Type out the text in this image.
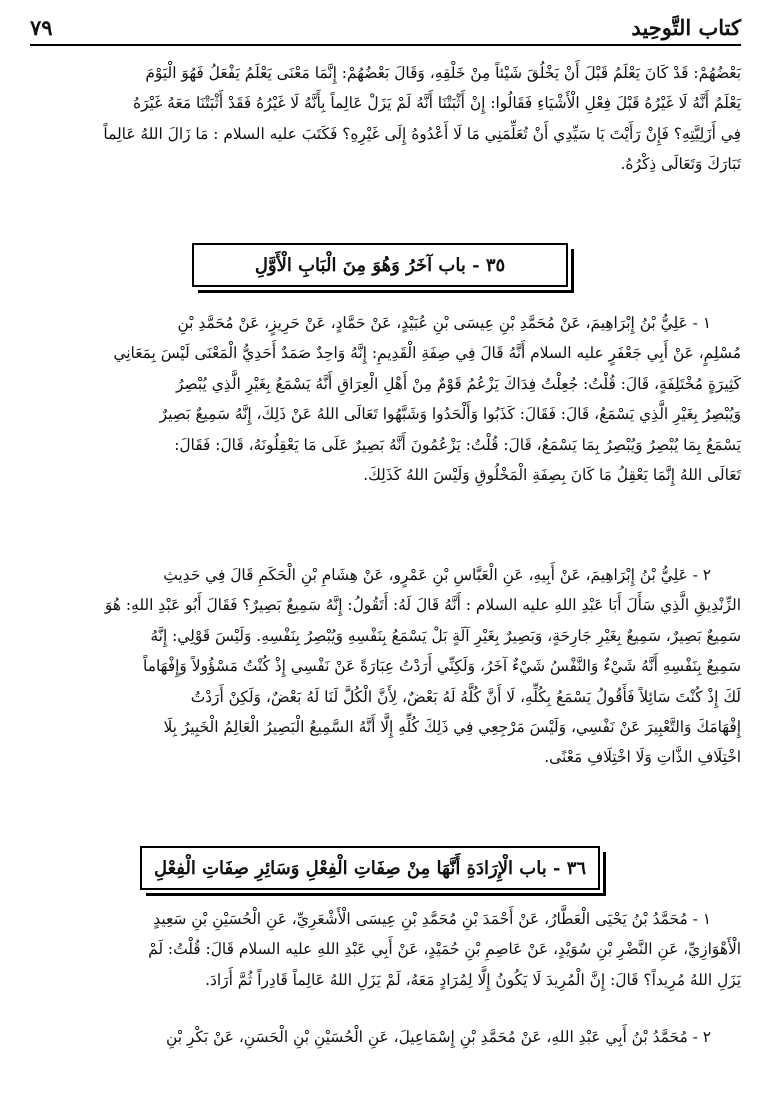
كتاب التَّوحِيد
٧٩
بَعْضُهُمْ: قَدْ كَانَ يَعْلَمُ قَبْلَ أَنْ يَخْلُقَ شَيْئاً مِنْ خَلْقِهِ، وَقَالَ بَعْضُهُمْ: إِنَّمَا مَعْنَى يَعْلَمُ يَفْعَلُ فَهُوَ الْيَوْمَ
يَعْلَمُ أَنَّهُ لَا غَيْرُهُ قَبْلَ فِعْلِ الْأَشْيَاءِ فَقَالُوا: إِنْ أَثْبَتْنَا أَنَّهُ لَمْ يَزَلْ عَالِماً بِأَنَّهُ لَا غَيْرُهُ فَقَدْ أَثْبَتْنَا مَعَهُ غَيْرَهُ
فِي أَزَلِيَّتِهِ؟ فَإِنْ رَأَيْتَ يَا سَيِّدِي أَنْ تُعَلِّمَنِي مَا لَا أَعْدُوهُ إِلَى غَيْرِهِ؟ فَكَتَبَ عليه السلام : مَا زَالَ اللهُ عَالِماً
تَبَارَكَ وَتَعَالَى ذِكْرُهُ.
٣٥ - باب آخَرُ وَهُوَ مِنَ الْبَابِ الْأَوَّلِ
١ - عَلِيُّ بْنُ إِبْرَاهِيمَ، عَنْ مُحَمَّدِ بْنِ عِيسَى بْنِ عُبَيْدٍ، عَنْ حَمَّادٍ، عَنْ حَرِيزٍ، عَنْ مُحَمَّدِ بْنِ
مُسْلِمٍ، عَنْ أَبِي جَعْفَرٍ عليه السلام أَنَّهُ قَالَ فِي صِفَةِ الْقَدِيمِ: إِنَّهُ وَاحِدٌ صَمَدٌ أَحَدِيُّ الْمَعْنَى لَيْسَ بِمَعَانِي
كَثِيرَةٍ مُخْتَلِفَةٍ، قَالَ: قُلْتُ: جُعِلْتُ فِدَاكَ يَزْعُمُ قَوْمٌ مِنْ أَهْلِ الْعِرَاقِ أَنَّهُ يَسْمَعُ بِغَيْرِ الَّذِي يُبْصِرُ
وَيُبْصِرُ بِغَيْرِ الَّذِي يَسْمَعُ، قَالَ: فَقَالَ: كَذَبُوا وَأَلْحَدُوا وَشَبَّهُوا تَعَالَى اللهُ عَنْ ذَلِكَ، إِنَّهُ سَمِيعٌ بَصِيرٌ
يَسْمَعُ بِمَا يُبْصِرُ وَيُبْصِرُ بِمَا يَسْمَعُ، قَالَ: قُلْتُ: يَزْعُمُونَ أَنَّهُ بَصِيرٌ عَلَى مَا يَعْقِلُونَهُ، قَالَ: فَقَالَ:
تَعَالَى اللهُ إِنَّمَا يَعْقِلُ مَا كَانَ بِصِفَةِ الْمَخْلُوقِ وَلَيْسَ اللهُ كَذَلِكَ.
٢ - عَلِيُّ بْنُ إِبْرَاهِيمَ، عَنْ أَبِيهِ، عَنِ الْعَبَّاسِ بْنِ عَمْرٍو، عَنْ هِشَامِ بْنِ الْحَكَمِ قَالَ فِي حَدِيثِ
الزِّنْدِيقِ الَّذِي سَأَلَ أَبَا عَبْدِ اللهِ عليه السلام : أَنَّهُ قَالَ لَهُ: أَتَقُولُ: إِنَّهُ سَمِيعٌ بَصِيرٌ؟ فَقَالَ أَبُو عَبْدِ اللهِ: هُوَ
سَمِيعٌ بَصِيرٌ، سَمِيعٌ بِغَيْرِ جَارِحَةٍ، وَبَصِيرٌ بِغَيْرِ آلَةٍ بَلْ يَسْمَعُ بِنَفْسِهِ وَيُبْصِرُ بِنَفْسِهِ. وَلَيْسَ قَوْلِي: إِنَّهُ
سَمِيعٌ بِنَفْسِهِ أَنَّهُ شَيْءٌ وَالنَّفْسُ شَيْءٌ آخَرُ، وَلَكِنِّي أَرَدْتُ عِبَارَةً عَنْ نَفْسِي إِذْ كُنْتُ مَسْؤُولاً وَإِفْهَاماً
لَكَ إِذْ كُنْتَ سَائِلاً فَأَقُولُ يَسْمَعُ بِكُلِّهِ، لَا أَنَّ كُلَّهُ لَهُ بَعْضٌ، لِأَنَّ الْكُلَّ لَنَا لَهُ بَعْضٌ، وَلَكِنْ أَرَدْتُ
إِفْهَامَكَ وَالتَّعْبِيرَ عَنْ نَفْسِي، وَلَيْسَ مَرْجِعِي فِي ذَلِكَ كُلِّهِ إِلَّا أَنَّهُ السَّمِيعُ الْبَصِيرُ الْعَالِمُ الْخَبِيرُ بِلَا
اخْتِلَافِ الذَّاتِ وَلَا اخْتِلَافِ مَعْنًى.
٣٦ - باب الْإِرَادَةِ أَنَّهَا مِنْ صِفَاتِ الْفِعْلِ وَسَائِرِ صِفَاتِ الْفِعْلِ
١ - مُحَمَّدُ بْنُ يَحْيَى الْعَطَّارُ، عَنْ أَحْمَدَ بْنِ مُحَمَّدِ بْنِ عِيسَى الْأَشْعَرِيِّ، عَنِ الْحُسَيْنِ بْنِ سَعِيدٍ
الْأَهْوَازِيِّ، عَنِ النَّضْرِ بْنِ سُوَيْدٍ، عَنْ عَاصِمِ بْنِ حُمَيْدٍ، عَنْ أَبِي عَبْدِ اللهِ عليه السلام قَالَ: قُلْتُ: لَمْ
يَزَلِ اللهُ مُرِيداً؟ قَالَ: إِنَّ الْمُرِيدَ لَا يَكُونُ إِلَّا لِمُرَادٍ مَعَهُ، لَمْ يَزَلِ اللهُ عَالِماً قَادِراً ثُمَّ أَرَادَ.
٢ - مُحَمَّدُ بْنُ أَبِي عَبْدِ اللهِ، عَنْ مُحَمَّدِ بْنِ إِسْمَاعِيلَ، عَنِ الْحُسَيْنِ بْنِ الْحَسَنِ، عَنْ بَكْرِ بْنِ
